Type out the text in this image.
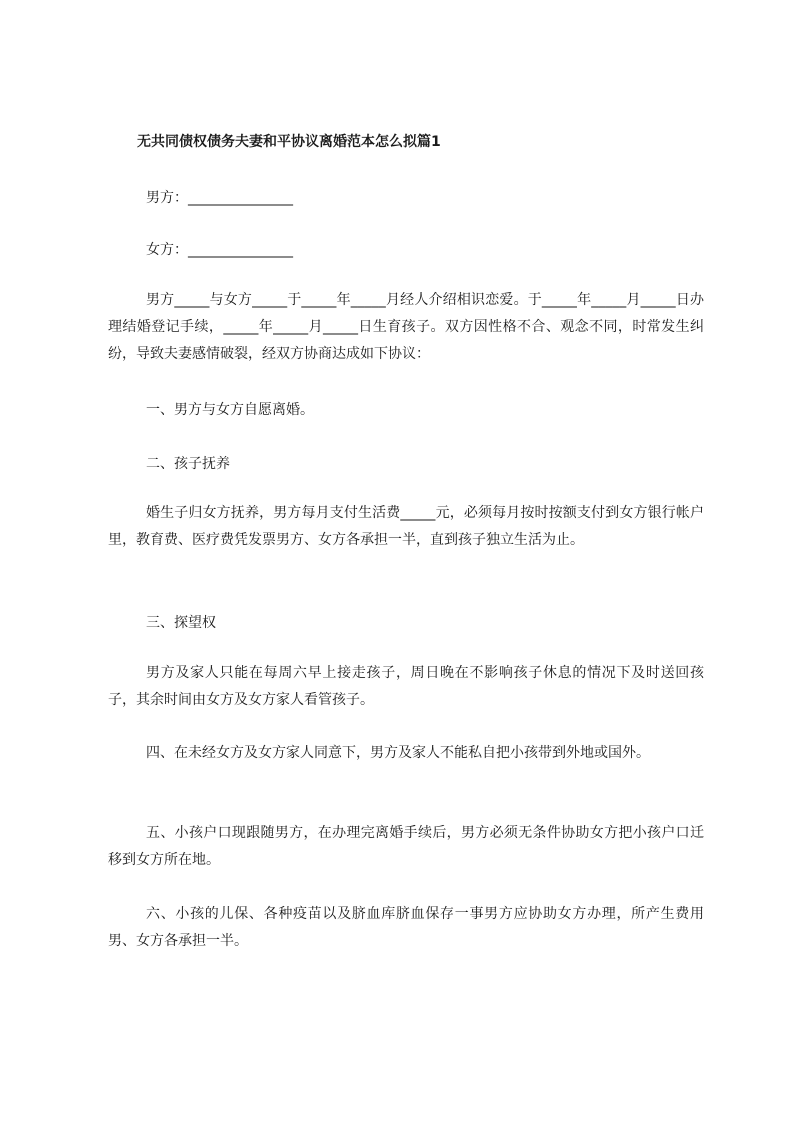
无共同债权债务夫妻和平协议离婚范本怎么拟篇1
男方：_______________
女方：_______________
男方_____与女方_____于_____年_____月经人介绍相识恋爱。于_____年_____月_____日办理结婚登记手续，_____年_____月_____日生育孩子。双方因性格不合、观念不同，时常发生纠纷，导致夫妻感情破裂，经双方协商达成如下协议：
一、男方与女方自愿离婚。
二、孩子抚养
婚生子归女方抚养，男方每月支付生活费_____元，必须每月按时按额支付到女方银行帐户里，教育费、医疗费凭发票男方、女方各承担一半，直到孩子独立生活为止。
三、探望权
男方及家人只能在每周六早上接走孩子，周日晚在不影响孩子休息的情况下及时送回孩子，其余时间由女方及女方家人看管孩子。
四、在未经女方及女方家人同意下，男方及家人不能私自把小孩带到外地或国外。
五、小孩户口现跟随男方，在办理完离婚手续后，男方必须无条件协助女方把小孩户口迁移到女方所在地。
六、小孩的儿保、各种疫苗以及脐血库脐血保存一事男方应协助女方办理，所产生费用男、女方各承担一半。
